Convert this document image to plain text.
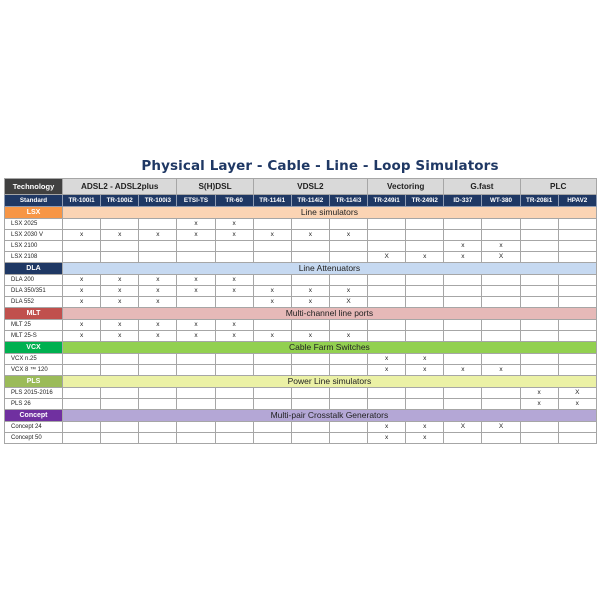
Physical Layer - Cable - Line - Loop Simulators
Technology	ADSL2 - ADSL2plus			S(H)DSL		VDSL2			Vectoring		G.fast		PLC	
Standard	TR-100i1	TR-100i2	TR-100i3	ETSI-TS	TR-60	TR-114i1	TR-114i2	TR-114i3	TR-249i1	TR-249i2	ID-337	WT-380	TR-208i1	HPAV2
LSX	Line simulators													
LSX 2025				x	x									
LSX 2030 V	x	x	x	x	x	x	x	x						
LSX 2100											x	x		
LSX 2108									X	x	x	X		
DLA	Line Attenuators													
DLA 200	x	x	x	x	x									
DLA 350/351	x	x	x	x	x	x	x	x						
DLA 552	x	x	x			x	x	X						
MLT	Multi-channel line ports													
MLT 25	x	x	x	x	x									
MLT 25-S	x	x	x	x	x	x	x	x						
VCX	Cable Farm Switches													
VCX n.25									x	x				
VCX 8 ™ 120									x	x	x	x		
PLS	Power Line simulators													
PLS 2015-2016													x	X
PLS 26													x	x
Concept	Multi-pair Crosstalk Generators													
Concept 24									x	x	X	X		
Concept 50									x	x				
